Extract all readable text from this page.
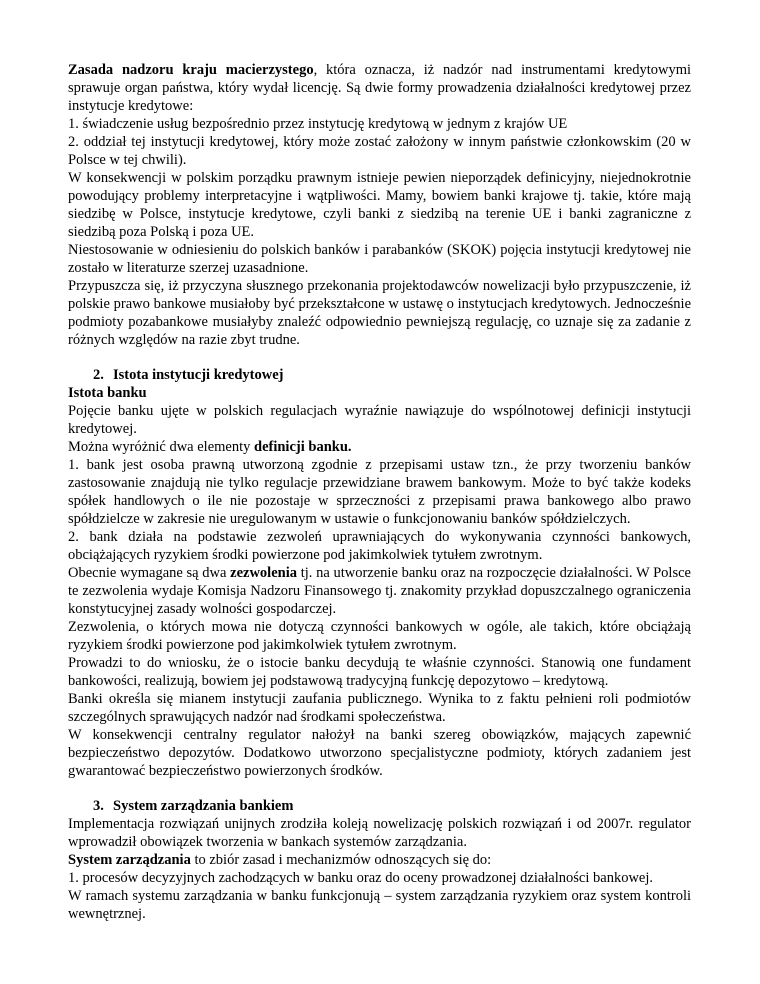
Zasada nadzoru kraju macierzystego, która oznacza, iż nadzór nad instrumentami kredytowymi sprawuje organ państwa, który wydał licencję. Są dwie formy prowadzenia działalności kredytowej przez instytucje kredytowe:

1. świadczenie usług bezpośrednio przez instytucję kredytową w jednym z krajów UE

2. oddział tej instytucji kredytowej, który może zostać założony w innym państwie członkowskim (20 w Polsce w tej chwili).

W konsekwencji w polskim porządku prawnym istnieje pewien nieporządek definicyjny, niejednokrotnie powodujący problemy interpretacyjne i wątpliwości. Mamy, bowiem banki krajowe tj. takie, które mają siedzibę w Polsce, instytucje kredytowe, czyli banki z siedzibą na terenie UE i banki zagraniczne z siedzibą poza Polską i poza UE.

Niestosowanie w odniesieniu do polskich banków i parabanków (SKOK) pojęcia instytucji kredytowej nie zostało w literaturze szerzej uzasadnione.

Przypuszcza się, iż przyczyna słusznego przekonania projektodawców nowelizacji było przypuszczenie, iż polskie prawo bankowe musiałoby być przekształcone w ustawę o instytucjach kredytowych. Jednocześnie podmioty pozabankowe musiałyby znaleźć odpowiednio pewniejszą regulację, co uznaje się za zadanie z różnych względów na razie zbyt trudne.

2. Istota instytucji kredytowej

Istota banku

Pojęcie banku ujęte w polskich regulacjach wyraźnie nawiązuje do wspólnotowej definicji instytucji kredytowej.

Można wyróżnić dwa elementy definicji banku.

1. bank jest osoba prawną utworzoną zgodnie z przepisami ustaw tzn., że przy tworzeniu banków zastosowanie znajdują nie tylko regulacje przewidziane brawem bankowym. Może to być także kodeks spółek handlowych o ile nie pozostaje w sprzeczności z przepisami prawa bankowego albo prawo spółdzielcze w zakresie nie uregulowanym w ustawie o funkcjonowaniu banków spółdzielczych.

2. bank działa na podstawie zezwoleń uprawniających do wykonywania czynności bankowych, obciążających ryzykiem środki powierzone pod jakimkolwiek tytułem zwrotnym.

Obecnie wymagane są dwa zezwolenia tj. na utworzenie banku oraz na rozpoczęcie działalności. W Polsce te zezwolenia wydaje Komisja Nadzoru Finansowego tj. znakomity przykład dopuszczalnego ograniczenia konstytucyjnej zasady wolności gospodarczej.

Zezwolenia, o których mowa nie dotyczą czynności bankowych w ogóle, ale takich, które obciążają ryzykiem środki powierzone pod jakimkolwiek tytułem zwrotnym.

Prowadzi to do wniosku, że o istocie banku decydują te właśnie czynności. Stanowią one fundament bankowości, realizują, bowiem jej podstawową tradycyjną funkcję depozytowo – kredytową.

Banki określa się mianem instytucji zaufania publicznego. Wynika to z faktu pełnieni roli podmiotów szczególnych sprawujących nadzór nad środkami społeczeństwa.

W konsekwencji centralny regulator nałożył na banki szereg obowiązków, mających zapewnić bezpieczeństwo depozytów. Dodatkowo utworzono specjalistyczne podmioty, których zadaniem jest gwarantować bezpieczeństwo powierzonych środków.

3. System zarządzania bankiem

Implementacja rozwiązań unijnych zrodziła koleją nowelizację polskich rozwiązań i od 2007r. regulator wprowadził obowiązek tworzenia w bankach systemów zarządzania.

System zarządzania to zbiór zasad i mechanizmów odnoszących się do:

1. procesów decyzyjnych zachodzących w banku oraz do oceny prowadzonej działalności bankowej.

W ramach systemu zarządzania w banku funkcjonują – system zarządzania ryzykiem oraz system kontroli wewnętrznej.
